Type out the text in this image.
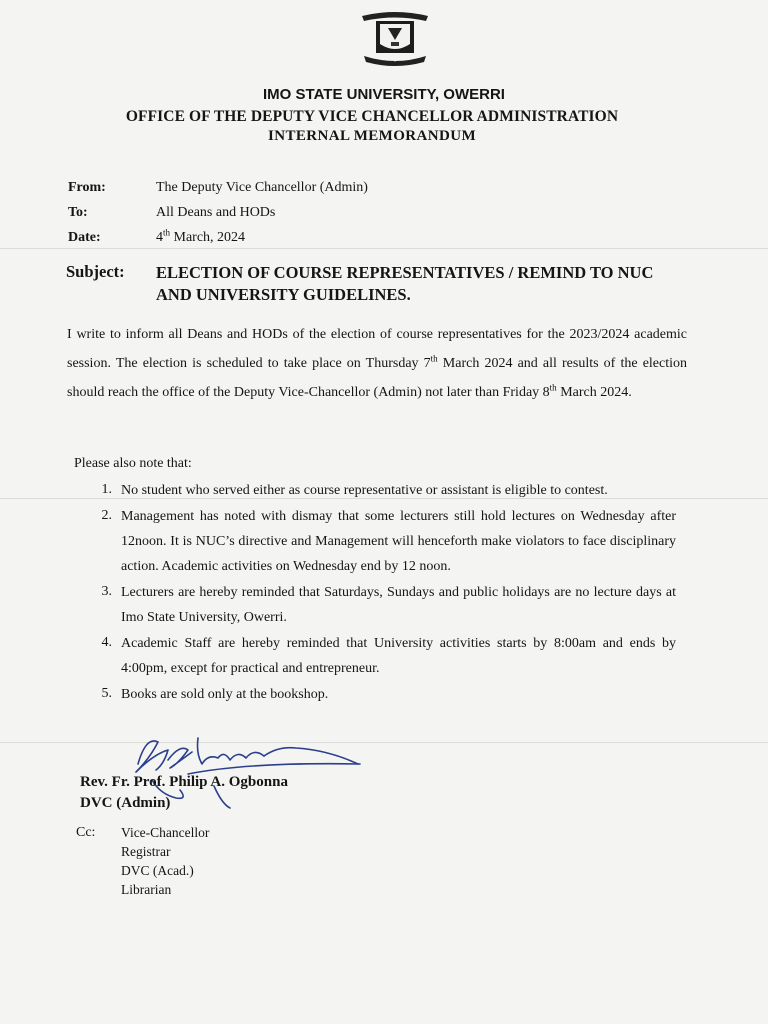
☆
IMO STATE UNIVERSITY, OWERRI
OFFICE OF THE DEPUTY VICE CHANCELLOR ADMINISTRATION
INTERNAL MEMORANDUM
From:	The Deputy Vice Chancellor (Admin)
To:	All Deans and HODs
Date:	4th March, 2024
Subject: ELECTION OF COURSE REPRESENTATIVES / REMIND TO NUC AND UNIVERSITY GUIDELINES.
I write to inform all Deans and HODs of the election of course representatives for the 2023/2024 academic session. The election is scheduled to take place on Thursday 7th March 2024 and all results of the election should reach the office of the Deputy Vice-Chancellor (Admin) not later than Friday 8th March 2024.
Please also note that:
1. No student who served either as course representative or assistant is eligible to contest.
2. Management has noted with dismay that some lecturers still hold lectures on Wednesday after 12noon. It is NUC’s directive and Management will henceforth make violators to face disciplinary action. Academic activities on Wednesday end by 12 noon.
3. Lecturers are hereby reminded that Saturdays, Sundays and public holidays are no lecture days at Imo State University, Owerri.
4. Academic Staff are hereby reminded that University activities starts by 8:00am and ends by 4:00pm, except for practical and entrepreneur.
5. Books are sold only at the bookshop.
Rev. Fr. Prof. Philip A. Ogbonna
DVC (Admin)
Cc: Vice-Chancellor
Registrar
DVC (Acad.)
Librarian
